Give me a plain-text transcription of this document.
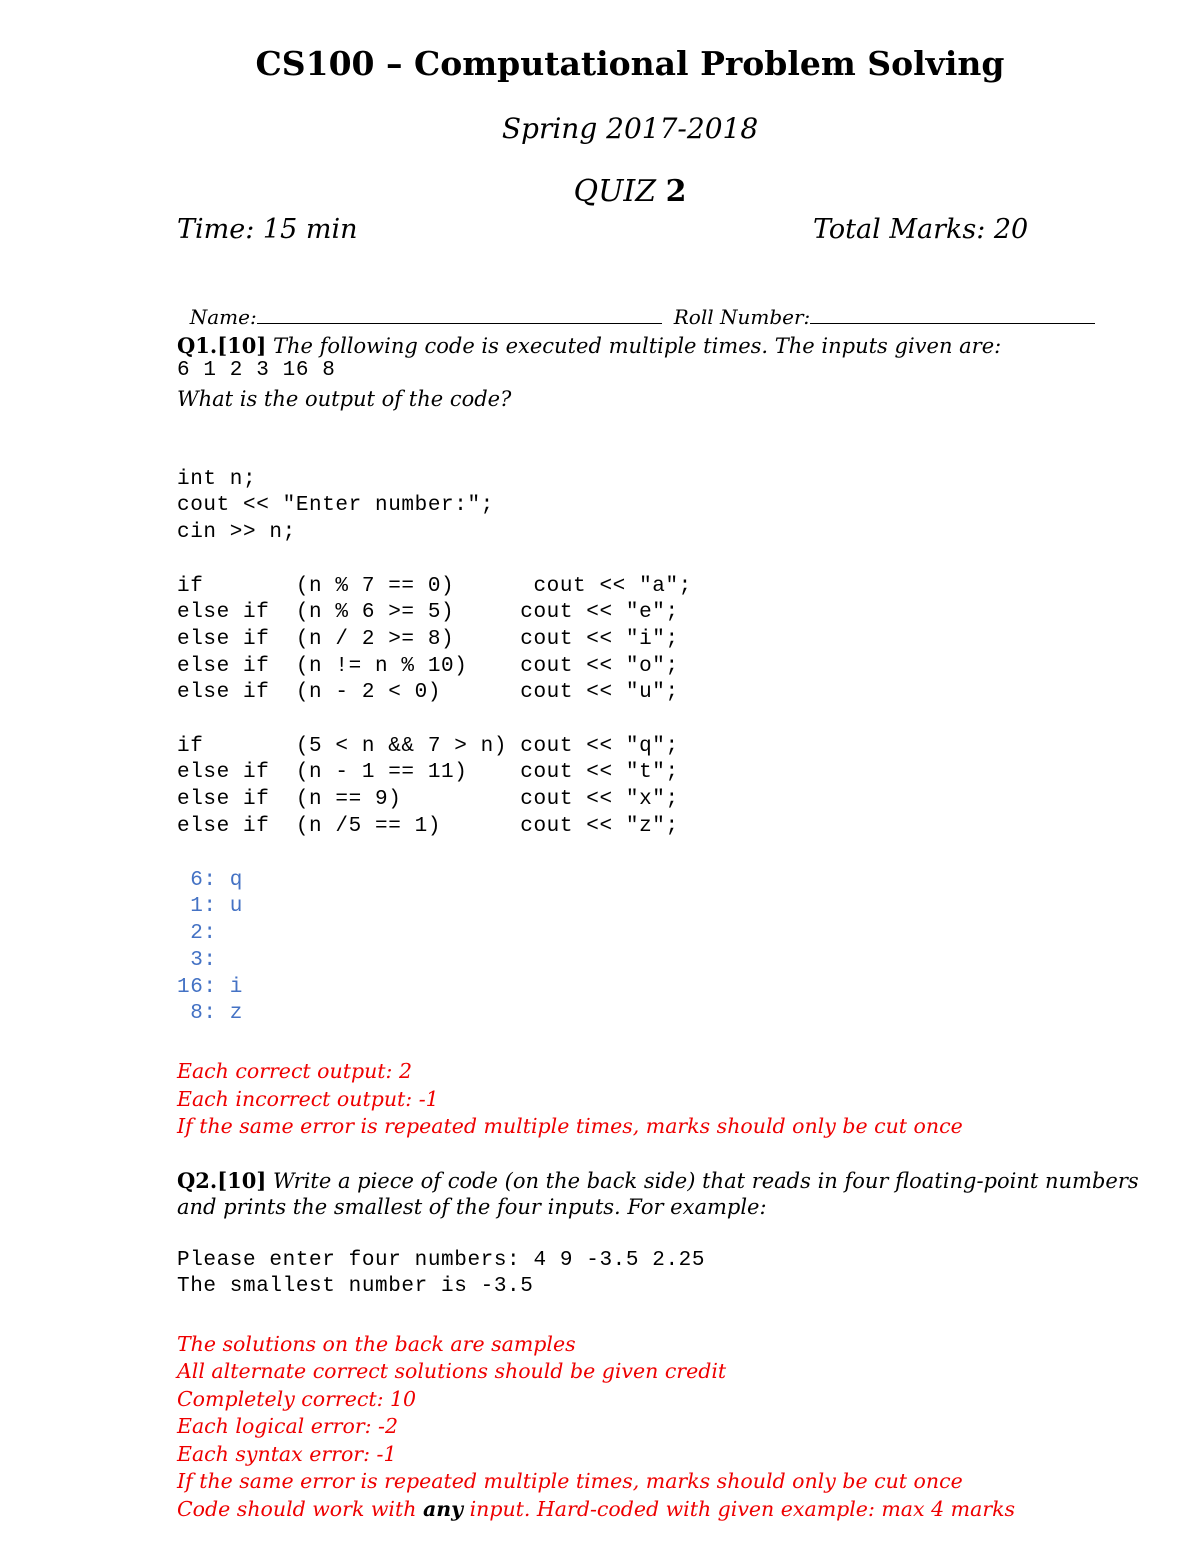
CS100 – Computational Problem Solving
Spring 2017-2018
QUIZ 2
Time: 15 min	Total Marks: 20

Name:	Roll Number:

Q1.[10] The following code is executed multiple times. The inputs given are:
6 1 2 3 16 8
What is the output of the code?

int n;
cout << "Enter number:";
cin >> n;

if       (n % 7 == 0)      cout << "a";
else if  (n % 6 >= 5)     cout << "e";
else if  (n / 2 >= 8)     cout << "i";
else if  (n != n % 10)    cout << "o";
else if  (n - 2 < 0)      cout << "u";

if       (5 < n && 7 > n) cout << "q";
else if  (n - 1 == 11)    cout << "t";
else if  (n == 9)         cout << "x";
else if  (n /5 == 1)      cout << "z";

6: q
1: u
2:
3:
16: i
8: z

Each correct output: 2
Each incorrect output: -1
If the same error is repeated multiple times, marks should only be cut once

Q2.[10] Write a piece of code (on the back side) that reads in four floating-point numbers
and prints the smallest of the four inputs. For example:

Please enter four numbers: 4 9 -3.5 2.25
The smallest number is -3.5

The solutions on the back are samples
All alternate correct solutions should be given credit
Completely correct: 10
Each logical error: -2
Each syntax error: -1
If the same error is repeated multiple times, marks should only be cut once
Code should work with any input. Hard-coded with given example: max 4 marks
